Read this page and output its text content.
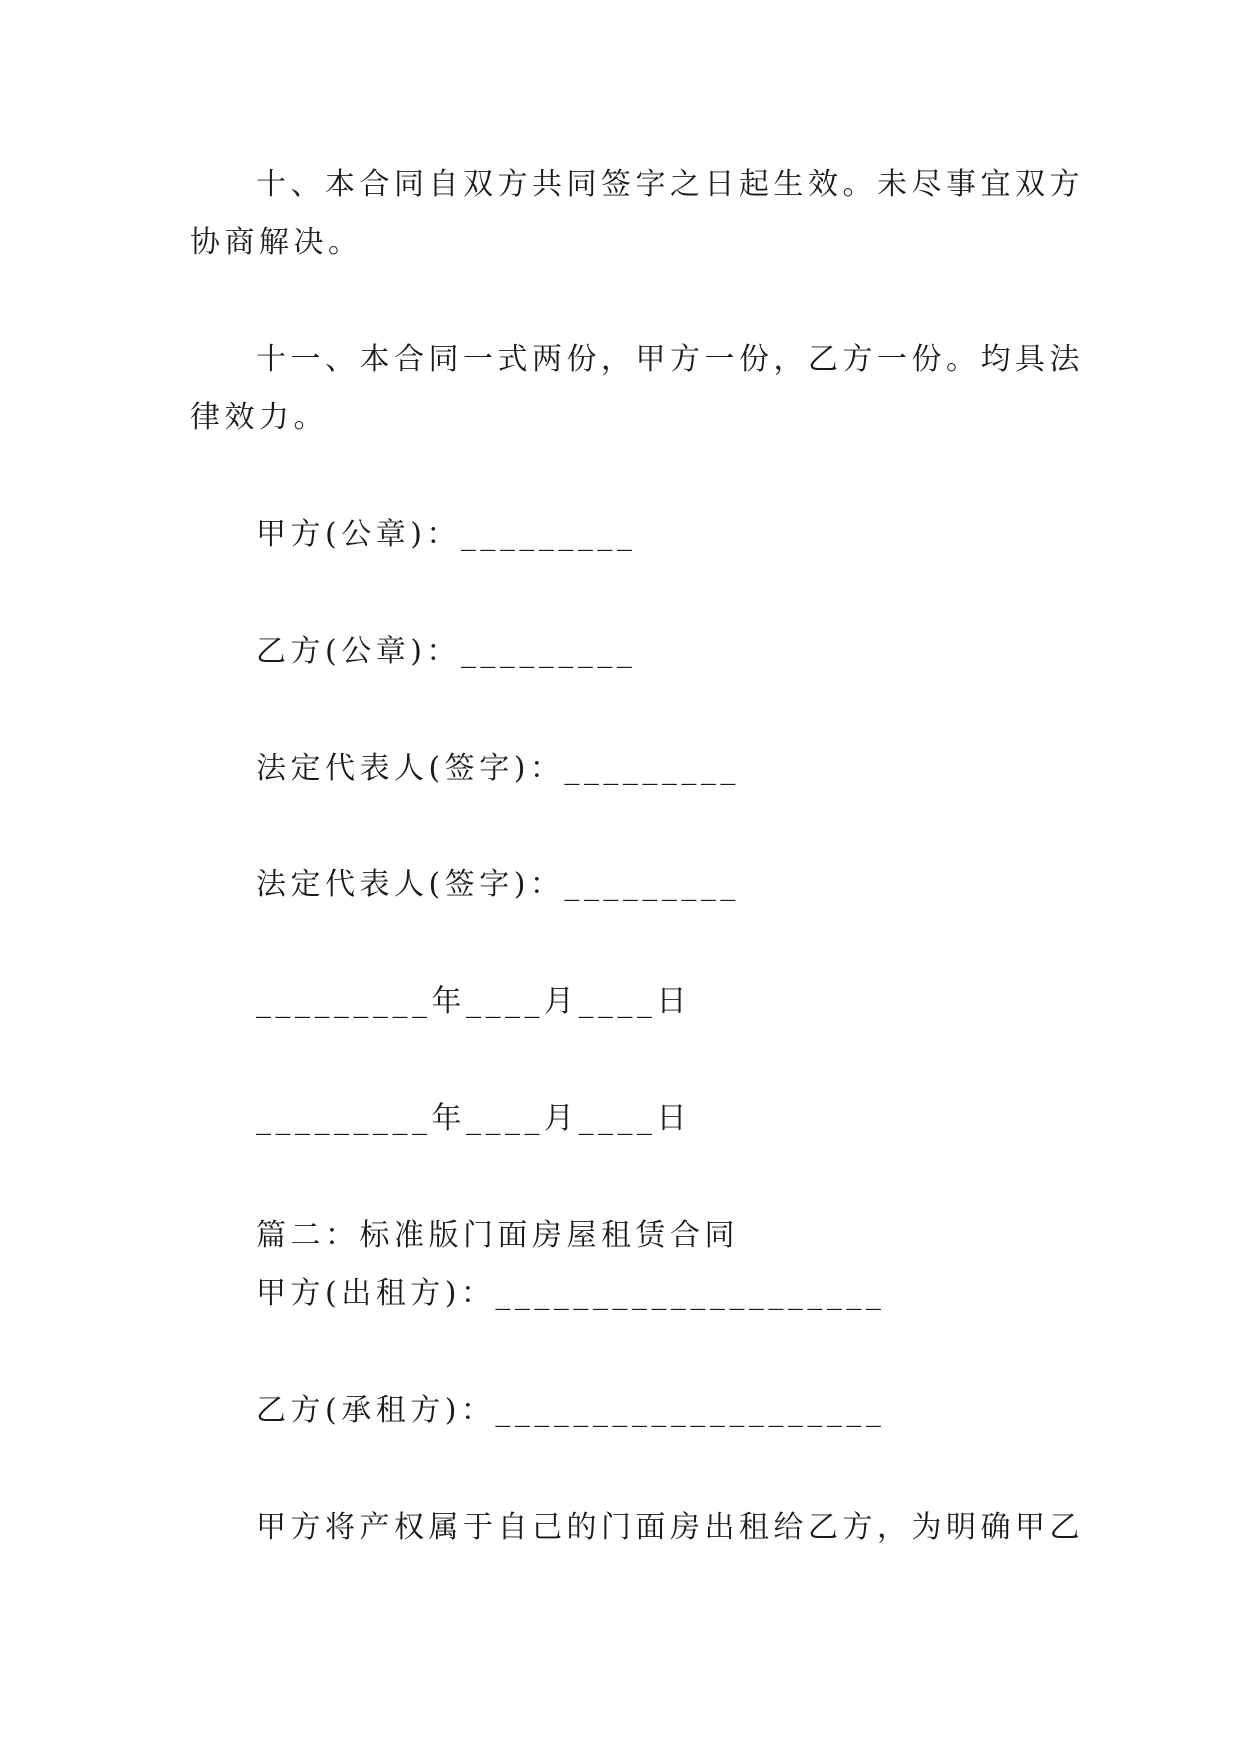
十、本合同自双方共同签字之日起生效。未尽事宜双方

协商解决。

十一、本合同一式两份，甲方一份，乙方一份。均具法

律效力。

甲方(公章)：_________

乙方(公章)：_________

法定代表人(签字)：_________

法定代表人(签字)：_________

_________年____月____日

_________年____月____日

篇二：标准版门面房屋租赁合同

甲方(出租方)：____________________

乙方(承租方)：____________________

甲方将产权属于自己的门面房出租给乙方，为明确甲乙
